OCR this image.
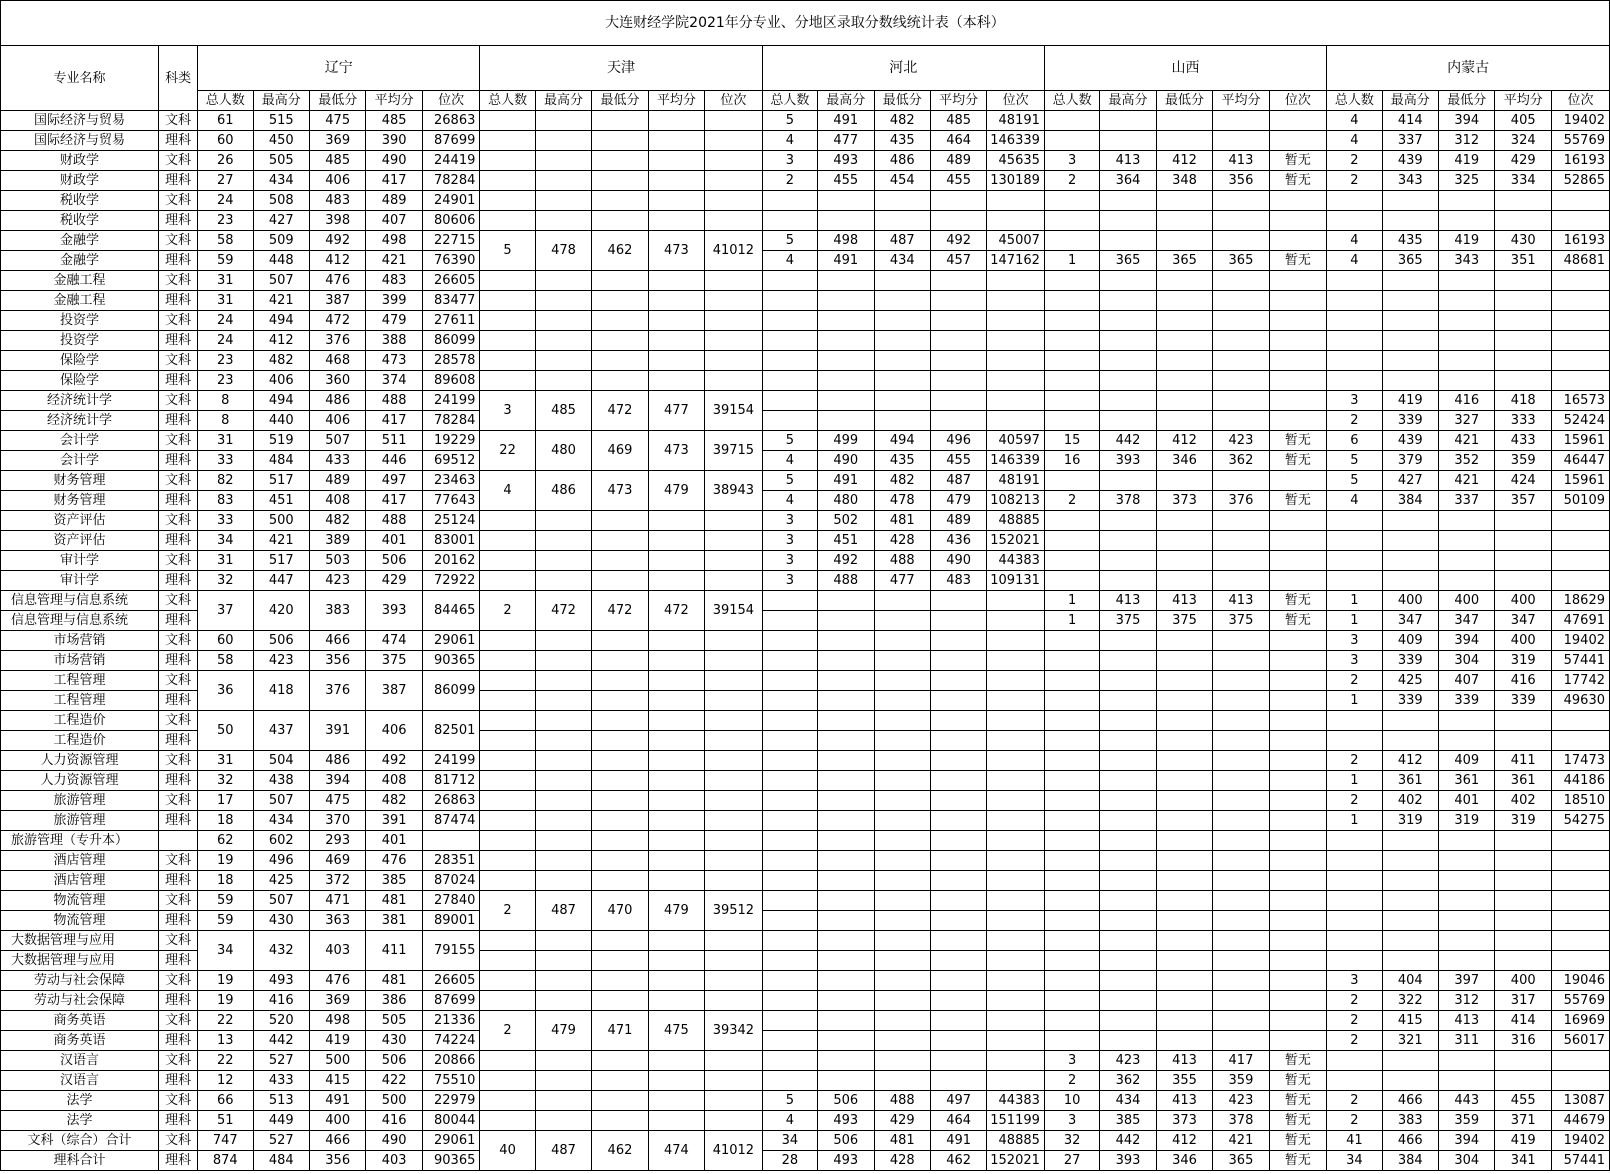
大连财经学院2021年分专业、分地区录取分数线统计表（本科）																										
专业名称	科类	辽宁					天津					河北					山西					内蒙古				
		总人数	最高分	最低分	平均分	位次	总人数	最高分	最低分	平均分	位次	总人数	最高分	最低分	平均分	位次	总人数	最高分	最低分	平均分	位次	总人数	最高分	最低分	平均分	位次
国际经济与贸易	文科	61	515	475	485	26863						5	491	482	485	48191						4	414	394	405	19402
国际经济与贸易	理科	60	450	369	390	87699						4	477	435	464	146339						4	337	312	324	55769
财政学	文科	26	505	485	490	24419						3	493	486	489	45635	3	413	412	413	暂无	2	439	419	429	16193
财政学	理科	27	434	406	417	78284						2	455	454	455	130189	2	364	348	356	暂无	2	343	325	334	52865
税收学	文科	24	508	483	489	24901																				
税收学	理科	23	427	398	407	80606																				
金融学	文科	58	509	492	498	22715	5	478	462	473	41012	5	498	487	492	45007						4	435	419	430	16193
金融学	理科	59	448	412	421	76390						4	491	434	457	147162	1	365	365	365	暂无	4	365	343	351	48681
金融工程	文科	31	507	476	483	26605																				
金融工程	理科	31	421	387	399	83477																				
投资学	文科	24	494	472	479	27611																				
投资学	理科	24	412	376	388	86099																				
保险学	文科	23	482	468	473	28578																				
保险学	理科	23	406	360	374	89608																				
经济统计学	文科	8	494	486	488	24199	3	485	472	477	39154											3	419	416	418	16573
经济统计学	理科	8	440	406	417	78284																2	339	327	333	52424
会计学	文科	31	519	507	511	19229	22	480	469	473	39715	5	499	494	496	40597	15	442	412	423	暂无	6	439	421	433	15961
会计学	理科	33	484	433	446	69512						4	490	435	455	146339	16	393	346	362	暂无	5	379	352	359	46447
财务管理	文科	82	517	489	497	23463	4	486	473	479	38943	5	491	482	487	48191						5	427	421	424	15961
财务管理	理科	83	451	408	417	77643						4	480	478	479	108213	2	378	373	376	暂无	4	384	337	357	50109
资产评估	文科	33	500	482	488	25124						3	502	481	489	48885										
资产评估	理科	34	421	389	401	83001						3	451	428	436	152021										
审计学	文科	31	517	503	506	20162						3	492	488	490	44383										
审计学	理科	32	447	423	429	72922						3	488	477	483	109131										
信息管理与信息系统	文科	37	420	383	393	84465	2	472	472	472	39154						1	413	413	413	暂无	1	400	400	400	18629
信息管理与信息系统	理科																1	375	375	375	暂无	1	347	347	347	47691
市场营销	文科	60	506	466	474	29061																3	409	394	400	19402
市场营销	理科	58	423	356	375	90365																3	339	304	319	57441
工程管理	文科	36	418	376	387	86099																2	425	407	416	17742
工程管理	理科																					1	339	339	339	49630
工程造价	文科	50	437	391	406	82501																				
工程造价	理科																									
人力资源管理	文科	31	504	486	492	24199																2	412	409	411	17473
人力资源管理	理科	32	438	394	408	81712																1	361	361	361	44186
旅游管理	文科	17	507	475	482	26863																2	402	401	402	18510
旅游管理	理科	18	434	370	391	87474																1	319	319	319	54275
旅游管理（专升本）		62	602	293	401																					
酒店管理	文科	19	496	469	476	28351																				
酒店管理	理科	18	425	372	385	87024																				
物流管理	文科	59	507	471	481	27840	2	487	470	479	39512															
物流管理	理科	59	430	363	381	89001																				
大数据管理与应用	文科	34	432	403	411	79155																				
大数据管理与应用	理科																									
劳动与社会保障	文科	19	493	476	481	26605																3	404	397	400	19046
劳动与社会保障	理科	19	416	369	386	87699																2	322	312	317	55769
商务英语	文科	22	520	498	505	21336	2	479	471	475	39342											2	415	413	414	16969
商务英语	理科	13	442	419	430	74224																2	321	311	316	56017
汉语言	文科	22	527	500	506	20866											3	423	413	417	暂无					
汉语言	理科	12	433	415	422	75510											2	362	355	359	暂无					
法学	文科	66	513	491	500	22979						5	506	488	497	44383	10	434	413	423	暂无	2	466	443	455	13087
法学	理科	51	449	400	416	80044						4	493	429	464	151199	3	385	373	378	暂无	2	383	359	371	44679
文科（综合）合计	文科	747	527	466	490	29061	40	487	462	474	41012	34	506	481	491	48885	32	442	412	421	暂无	41	466	394	419	19402
理科合计	理科	874	484	356	403	90365						28	493	428	462	152021	27	393	346	365	暂无	34	384	304	341	57441
